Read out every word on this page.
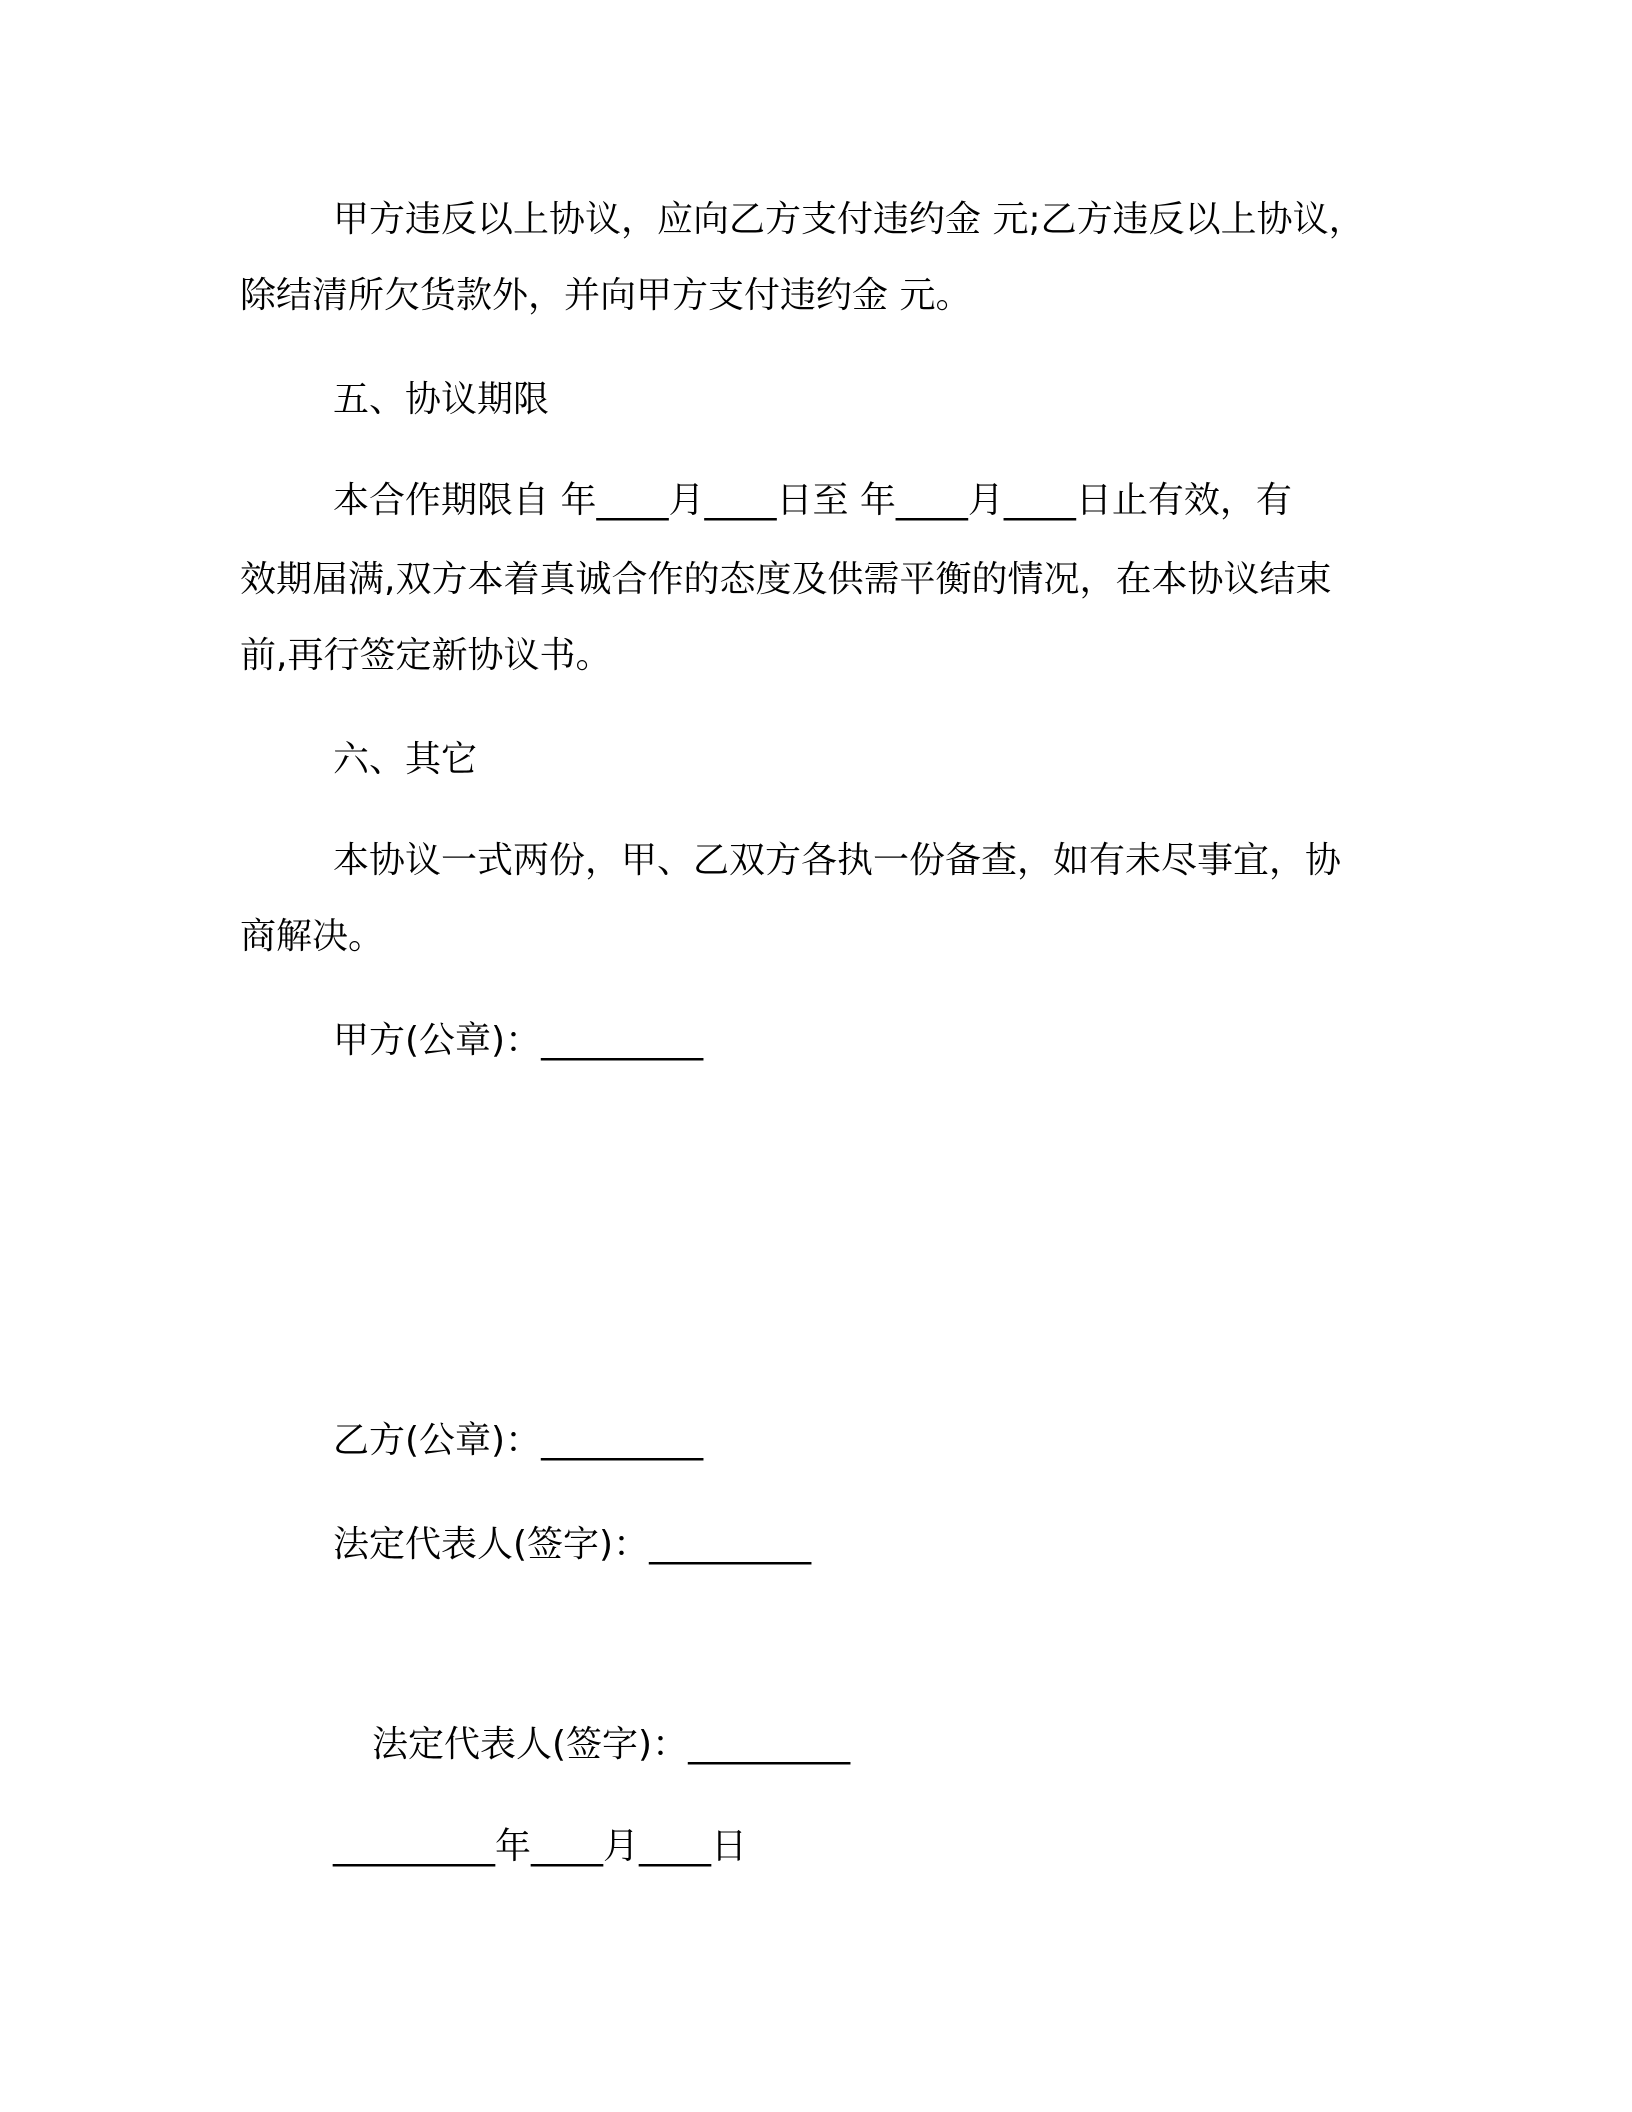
甲方违反以上协议，应向乙方支付违约金 元;乙方违反以上协议，
除结清所欠货款外，并向甲方支付违约金 元。
五、协议期限
本合作期限自 年____月____日至 年____月____日止有效，有
效期届满,双方本着真诚合作的态度及供需平衡的情况，在本协议结束
前,再行签定新协议书。
六、其它
本协议一式两份，甲、乙双方各执一份备查，如有未尽事宜，协
商解决。
甲方(公章)：_________
乙方(公章)：_________
法定代表人(签字)：_________
法定代表人(签字)：_________
_________年____月____日
